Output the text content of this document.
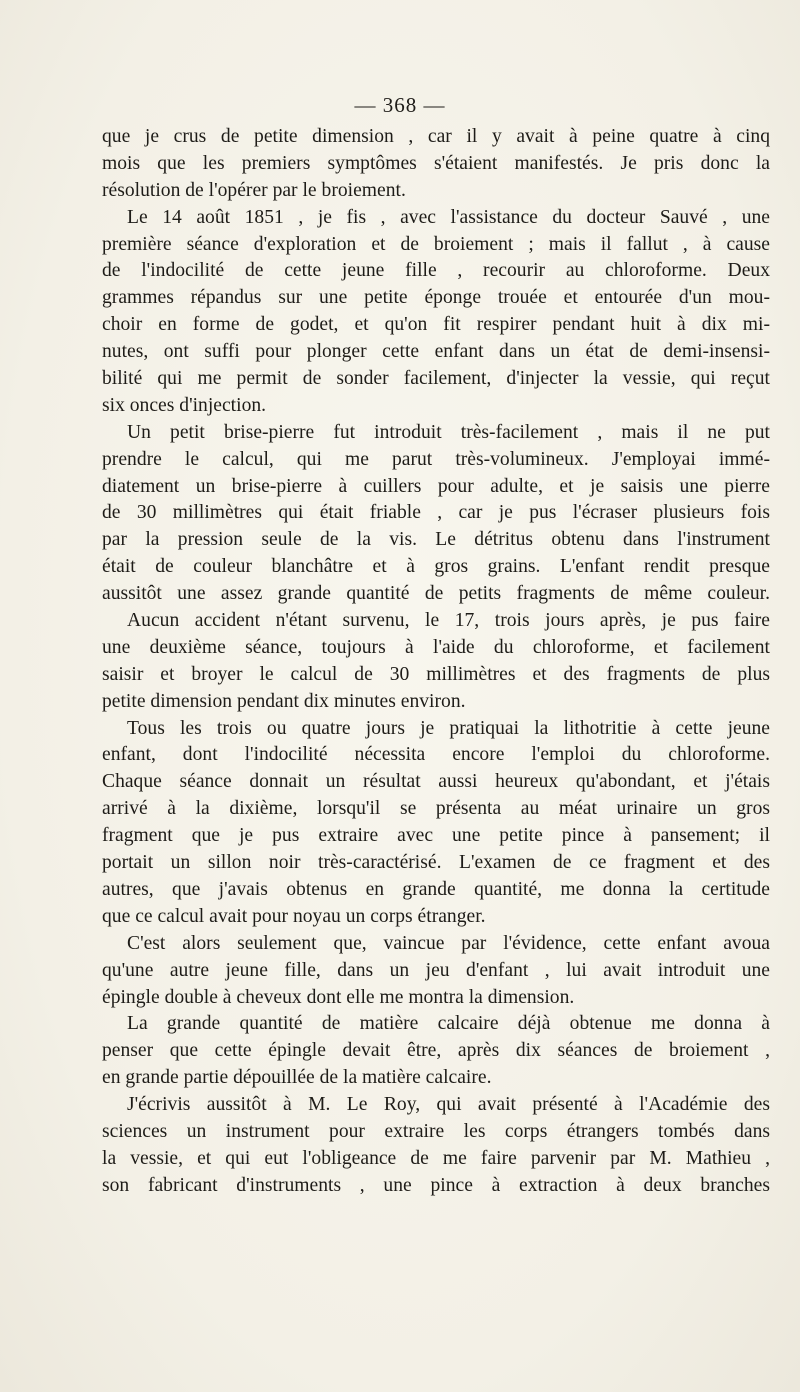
— 368 —
que je crus de petite dimension , car il y avait à peine quatre à cinq
mois que les premiers symptômes s'étaient manifestés. Je pris donc la
résolution de l'opérer par le broiement.
Le 14 août 1851 , je fis , avec l'assistance du docteur Sauvé , une
première séance d'exploration et de broiement ; mais il fallut , à cause
de l'indocilité de cette jeune fille , recourir au chloroforme. Deux
grammes répandus sur une petite éponge trouée et entourée d'un mou-
choir en forme de godet, et qu'on fit respirer pendant huit à dix mi-
nutes, ont suffi pour plonger cette enfant dans un état de demi-insensi-
bilité qui me permit de sonder facilement, d'injecter la vessie, qui reçut
six onces d'injection.
Un petit brise-pierre fut introduit très-facilement , mais il ne put
prendre le calcul, qui me parut très-volumineux. J'employai immé-
diatement un brise-pierre à cuillers pour adulte, et je saisis une pierre
de 30 millimètres qui était friable , car je pus l'écraser plusieurs fois
par la pression seule de la vis. Le détritus obtenu dans l'instrument
était de couleur blanchâtre et à gros grains. L'enfant rendit presque
aussitôt une assez grande quantité de petits fragments de même couleur.
Aucun accident n'étant survenu, le 17, trois jours après, je pus faire
une deuxième séance, toujours à l'aide du chloroforme, et facilement
saisir et broyer le calcul de 30 millimètres et des fragments de plus
petite dimension pendant dix minutes environ.
Tous les trois ou quatre jours je pratiquai la lithotritie à cette jeune
enfant, dont l'indocilité nécessita encore l'emploi du chloroforme.
Chaque séance donnait un résultat aussi heureux qu'abondant, et j'étais
arrivé à la dixième, lorsqu'il se présenta au méat urinaire un gros
fragment que je pus extraire avec une petite pince à pansement; il
portait un sillon noir très-caractérisé. L'examen de ce fragment et des
autres, que j'avais obtenus en grande quantité, me donna la certitude
que ce calcul avait pour noyau un corps étranger.
C'est alors seulement que, vaincue par l'évidence, cette enfant avoua
qu'une autre jeune fille, dans un jeu d'enfant , lui avait introduit une
épingle double à cheveux dont elle me montra la dimension.
La grande quantité de matière calcaire déjà obtenue me donna à
penser que cette épingle devait être, après dix séances de broiement ,
en grande partie dépouillée de la matière calcaire.
J'écrivis aussitôt à M. Le Roy, qui avait présenté à l'Académie des
sciences un instrument pour extraire les corps étrangers tombés dans
la vessie, et qui eut l'obligeance de me faire parvenir par M. Mathieu ,
son fabricant d'instruments , une pince à extraction à deux branches
